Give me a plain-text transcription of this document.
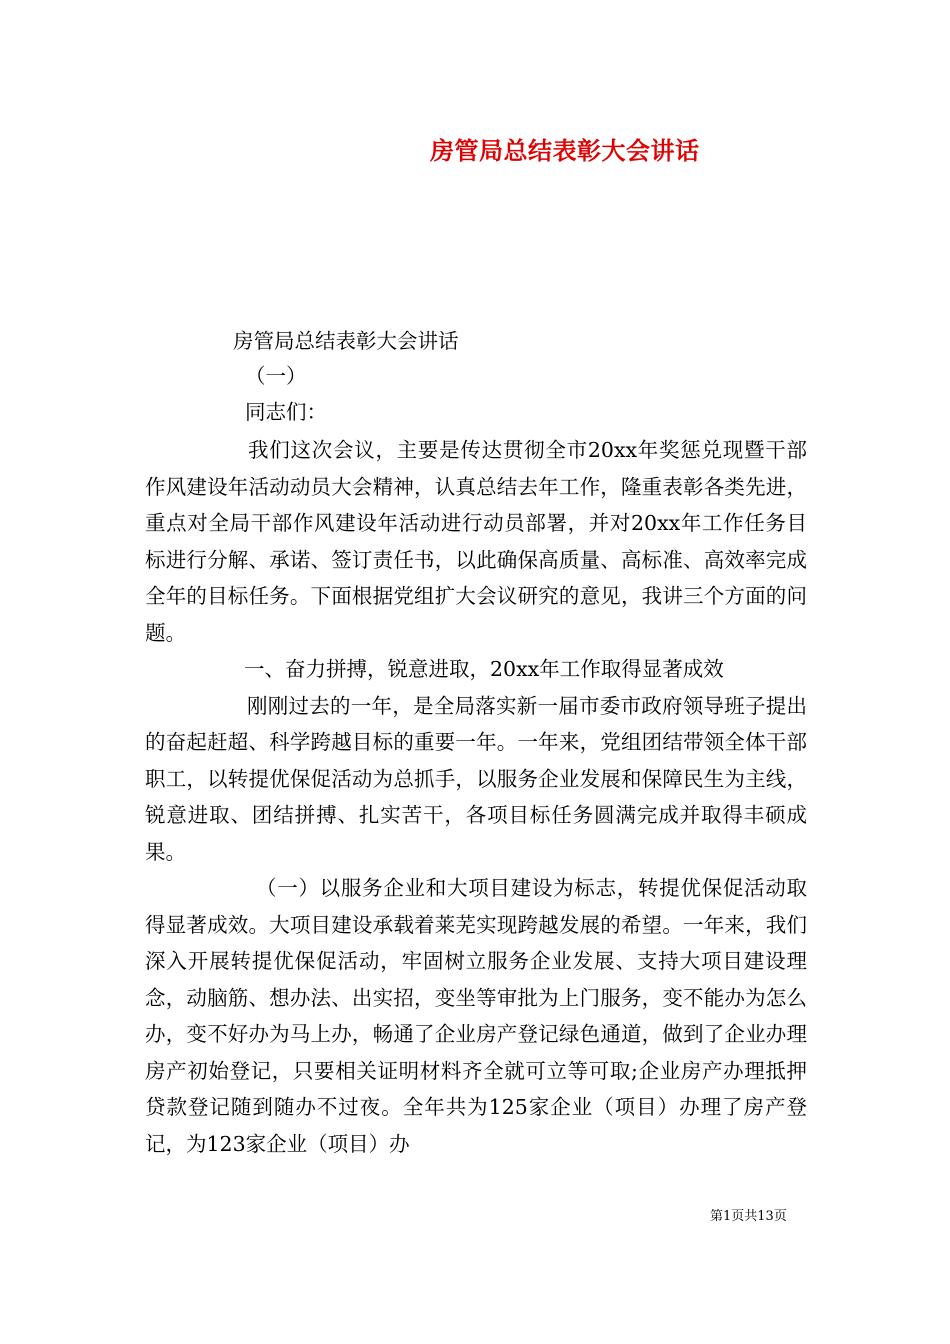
房管局总结表彰大会讲话
房管局总结表彰大会讲话
（一）
同志们：

我们这次会议，主要是传达贯彻全市20xx年奖惩兑现暨干部作风建设年活动动员大会精神，认真总结去年工作，隆重表彰各类先进，重点对全局干部作风建设年活动进行动员部署，并对20xx年工作任务目标进行分解、承诺、签订责任书，以此确保高质量、高标准、高效率完成全年的目标任务。下面根据党组扩大会议研究的意见，我讲三个方面的问题。

一、奋力拼搏，锐意进取，20xx年工作取得显著成效

刚刚过去的一年，是全局落实新一届市委市政府领导班子提出的奋起赶超、科学跨越目标的重要一年。一年来，党组团结带领全体干部职工，以转提优保促活动为总抓手，以服务企业发展和保障民生为主线，锐意进取、团结拼搏、扎实苦干，各项目标任务圆满完成并取得丰硕成果。

（一）以服务企业和大项目建设为标志，转提优保促活动取得显著成效。大项目建设承载着莱芜实现跨越发展的希望。一年来，我们深入开展转提优保促活动，牢固树立服务企业发展、支持大项目建设理念，动脑筋、想办法、出实招，变坐等审批为上门服务，变不能办为怎么办，变不好办为马上办，畅通了企业房产登记绿色通道，做到了企业办理房产初始登记，只要相关证明材料齐全就可立等可取;企业房产办理抵押贷款登记随到随办不过夜。全年共为125家企业（项目）办理了房产登记，为123家企业（项目）办

第1页共13页
